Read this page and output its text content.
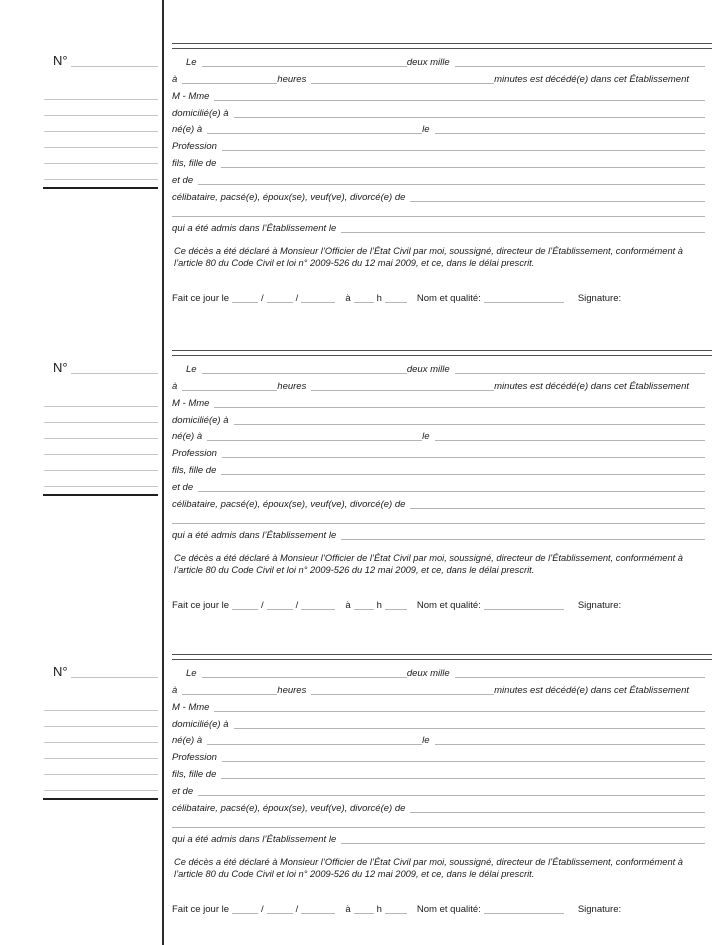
N°	Le	deux mille
à	heures	minutes est décédé(e) dans cet Établissement
M - Mme
domicilié(e) à
né(e) à	le
Profession
fils, fille de
et de
célibataire, pacsé(e), époux(se), veuf(ve), divorcé(e) de
qui a été admis dans l’Établissement le

Ce décès a été déclaré à Monsieur l’Officier de l’État Civil par moi, soussigné, directeur de l’Établissement, conformément à l’article 80 du Code Civil et loi n° 2009-526 du 12 mai 2009, et ce, dans le délai prescrit.

Fait ce jour le	/	/	à	h	Nom et qualité:	Signature:
N°	Le	deux mille
à	heures	minutes est décédé(e) dans cet Établissement
M - Mme
domicilié(e) à
né(e) à	le
Profession
fils, fille de
et de
célibataire, pacsé(e), époux(se), veuf(ve), divorcé(e) de
qui a été admis dans l’Établissement le

Ce décès a été déclaré à Monsieur l’Officier de l’État Civil par moi, soussigné, directeur de l’Établissement, conformément à l’article 80 du Code Civil et loi n° 2009-526 du 12 mai 2009, et ce, dans le délai prescrit.

Fait ce jour le	/	/	à	h	Nom et qualité:	Signature:
N°	Le	deux mille
à	heures	minutes est décédé(e) dans cet Établissement
M - Mme
domicilié(e) à
né(e) à	le
Profession
fils, fille de
et de
célibataire, pacsé(e), époux(se), veuf(ve), divorcé(e) de
qui a été admis dans l’Établissement le

Ce décès a été déclaré à Monsieur l’Officier de l’État Civil par moi, soussigné, directeur de l’Établissement, conformément à l’article 80 du Code Civil et loi n° 2009-526 du 12 mai 2009, et ce, dans le délai prescrit.

Fait ce jour le	/	/	à	h	Nom et qualité:	Signature:
